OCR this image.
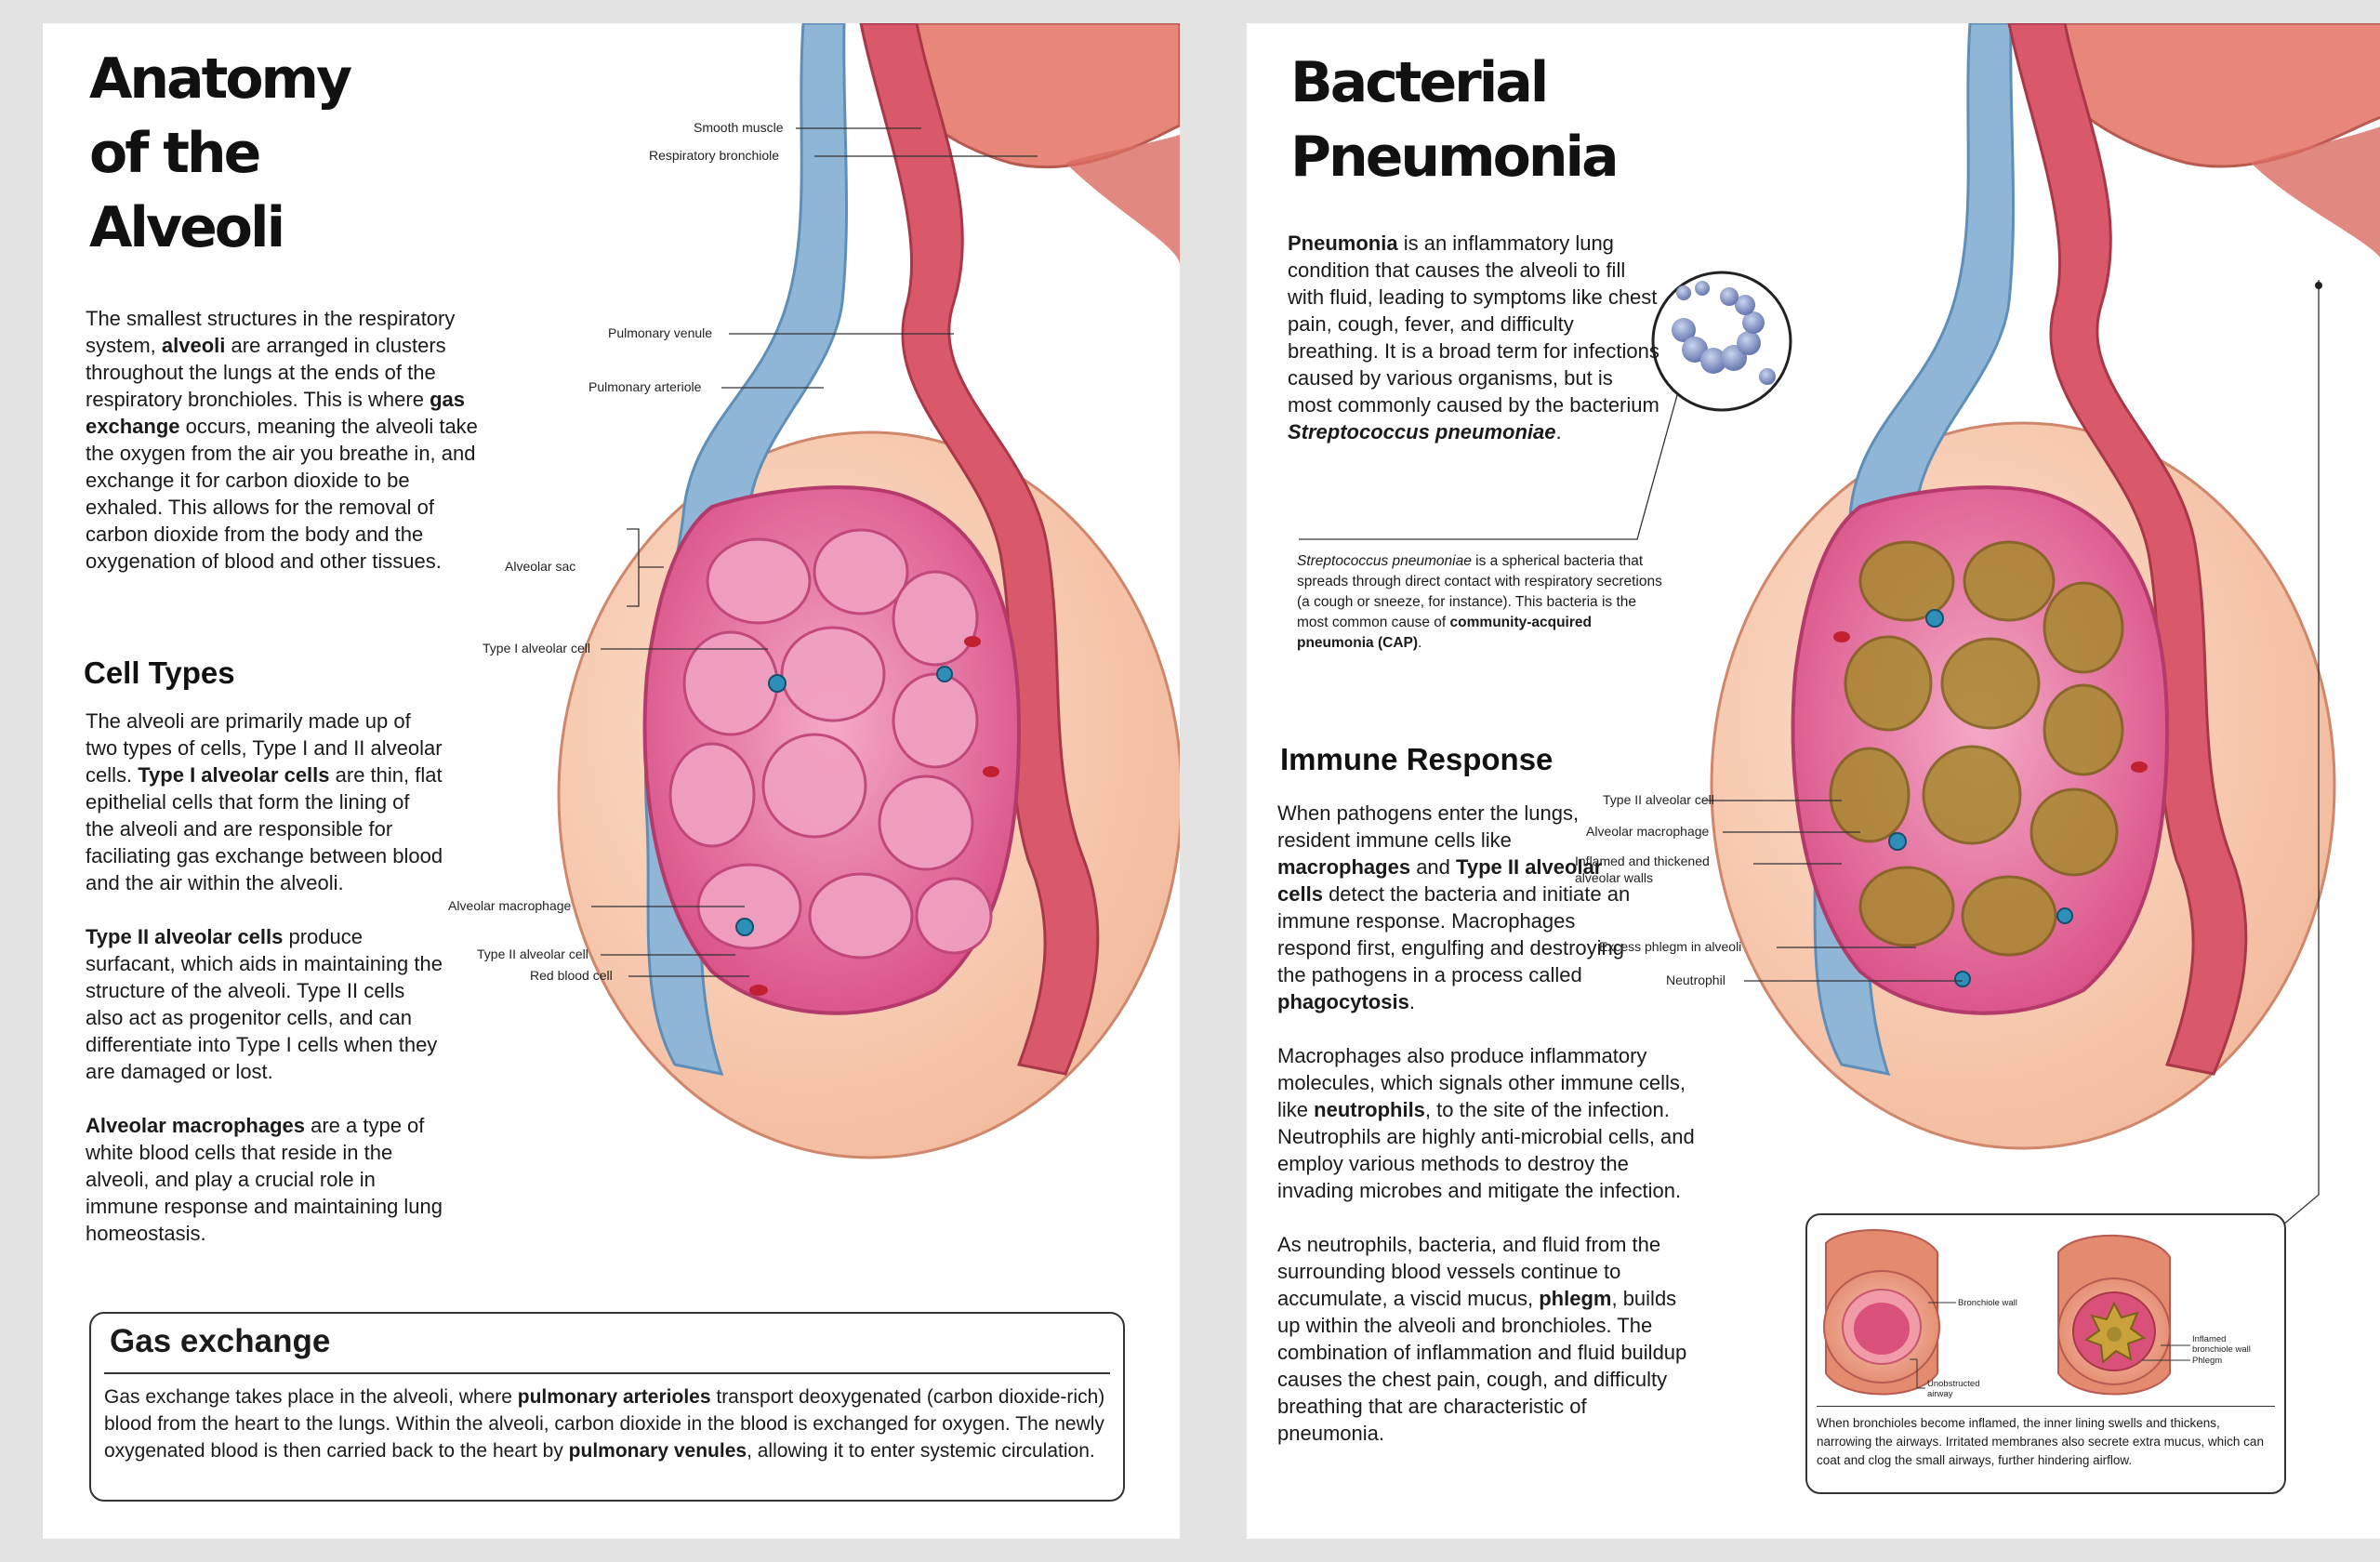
Anatomy
of the
Alveoli

The smallest structures in the respiratory system, alveoli are arranged in clusters throughout the lungs at the ends of the respiratory bronchioles. This is where gas exchange occurs, meaning the alveoli take the oxygen from the air you breathe in, and exchange it for carbon dioxide to be exhaled. This allows for the removal of carbon dioxide from the body and the oxygenation of blood and other tissues.

Cell Types

The alveoli are primarily made up of two types of cells, Type I and II alveolar cells. Type I alveolar cells are thin, flat epithelial cells that form the lining of the alveoli and are responsible for faciliating gas exchange between blood and the air within the alveoli.

Type II alveolar cells produce surfacant, which aids in maintaining the structure of the alveoli. Type II cells also act as progenitor cells, and can differentiate into Type I cells when they are damaged or lost.

Alveolar macrophages are a type of white blood cells that reside in the alveoli, and play a crucial role in immune response and maintaining lung homeostasis.

Smooth muscle
Respiratory bronchiole
Pulmonary venule
Pulmonary arteriole
Alveolar sac
Type I alveolar cell
Alveolar macrophage
Type II alveolar cell
Red blood cell
Gas exchange
Gas exchange takes place in the alveoli, where pulmonary arterioles transport deoxygenated (carbon dioxide-rich) blood from the heart to the lungs. Within the alveoli, carbon dioxide in the blood is exchanged for oxygen. The newly oxygenated blood is then carried back to the heart by pulmonary venules, allowing it to enter systemic circulation.
Bacterial
Pneumonia

Pneumonia is an inflammatory lung condition that causes the alveoli to fill with fluid, leading to symptoms like chest pain, cough, fever, and difficulty breathing. It is a broad term for infections caused by various organisms, but is most commonly caused by the bacterium Streptococcus pneumoniae.

Streptococcus pneumoniae is a spherical bacteria that spreads through direct contact with respiratory secretions (a cough or sneeze, for instance). This bacteria is the most common cause of community-acquired pneumonia (CAP).
Immune Response

When pathogens enter the lungs, resident immune cells like macrophages and Type II alveolar cells detect the bacteria and initiate an immune response. Macrophages respond first, engulfing and destroying the pathogens in a process called phagocytosis.

Macrophages also produce inflammatory molecules, which signals other immune cells, like neutrophils, to the site of the infection. Neutrophils are highly anti-microbial cells, and employ various methods to destroy the invading microbes and mitigate the infection.

As neutrophils, bacteria, and fluid from the surrounding blood vessels continue to accumulate, a viscid mucus, phlegm, builds up within the alveoli and bronchioles. The combination of inflammation and fluid buildup causes the chest pain, cough, and difficulty breathing that are characteristic of pneumonia.

Type II alveolar cell
Alveolar macrophage
Inflamed and thickened
alveolar walls
Excess phlegm in alveoli
Neutrophil
Bronchiole wall
Unobstructed
airway
Inflamed
bronchiole wall
Phlegm
When bronchioles become inflamed, the inner lining swells and thickens, narrowing the airways. Irritated membranes also secrete extra mucus, which can coat and clog the small airways, further hindering airflow.
